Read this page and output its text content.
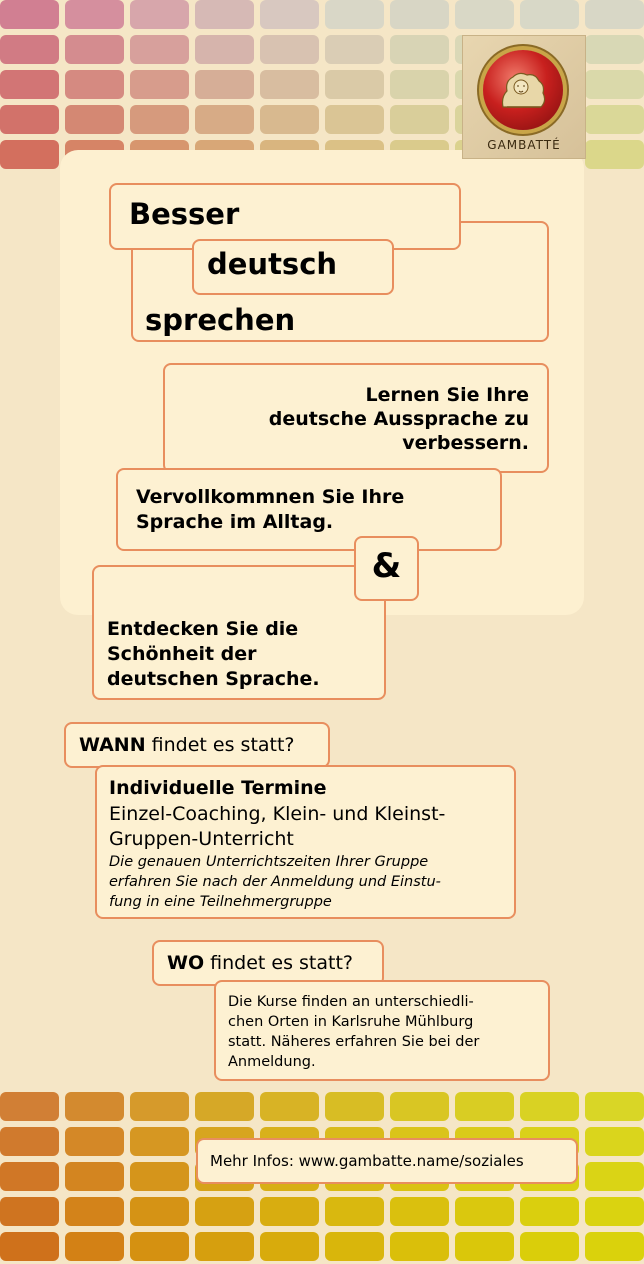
GAMBATTÉ
Besser
deutsch
sprechen
Lernen Sie Ihre
deutsche Aussprache zu
verbessern.
Vervollkommnen Sie Ihre
Sprache im Alltag.
Entdecken Sie die
Schönheit der
deutschen Sprache.
&
WANN findet es statt?
Individuelle Termine
Einzel-Coaching, Klein- und Kleinst-
Gruppen-Unterricht
Die genauen Unterrichtszeiten Ihrer Gruppe
erfahren Sie nach der Anmeldung und Einstu-
fung in eine Teilnehmergruppe
WO findet es statt?
Die Kurse finden an unterschiedli-
chen Orten in Karlsruhe Mühlburg
statt. Näheres erfahren Sie bei der
Anmeldung.
Mehr Infos: www.gambatte.name/soziales
